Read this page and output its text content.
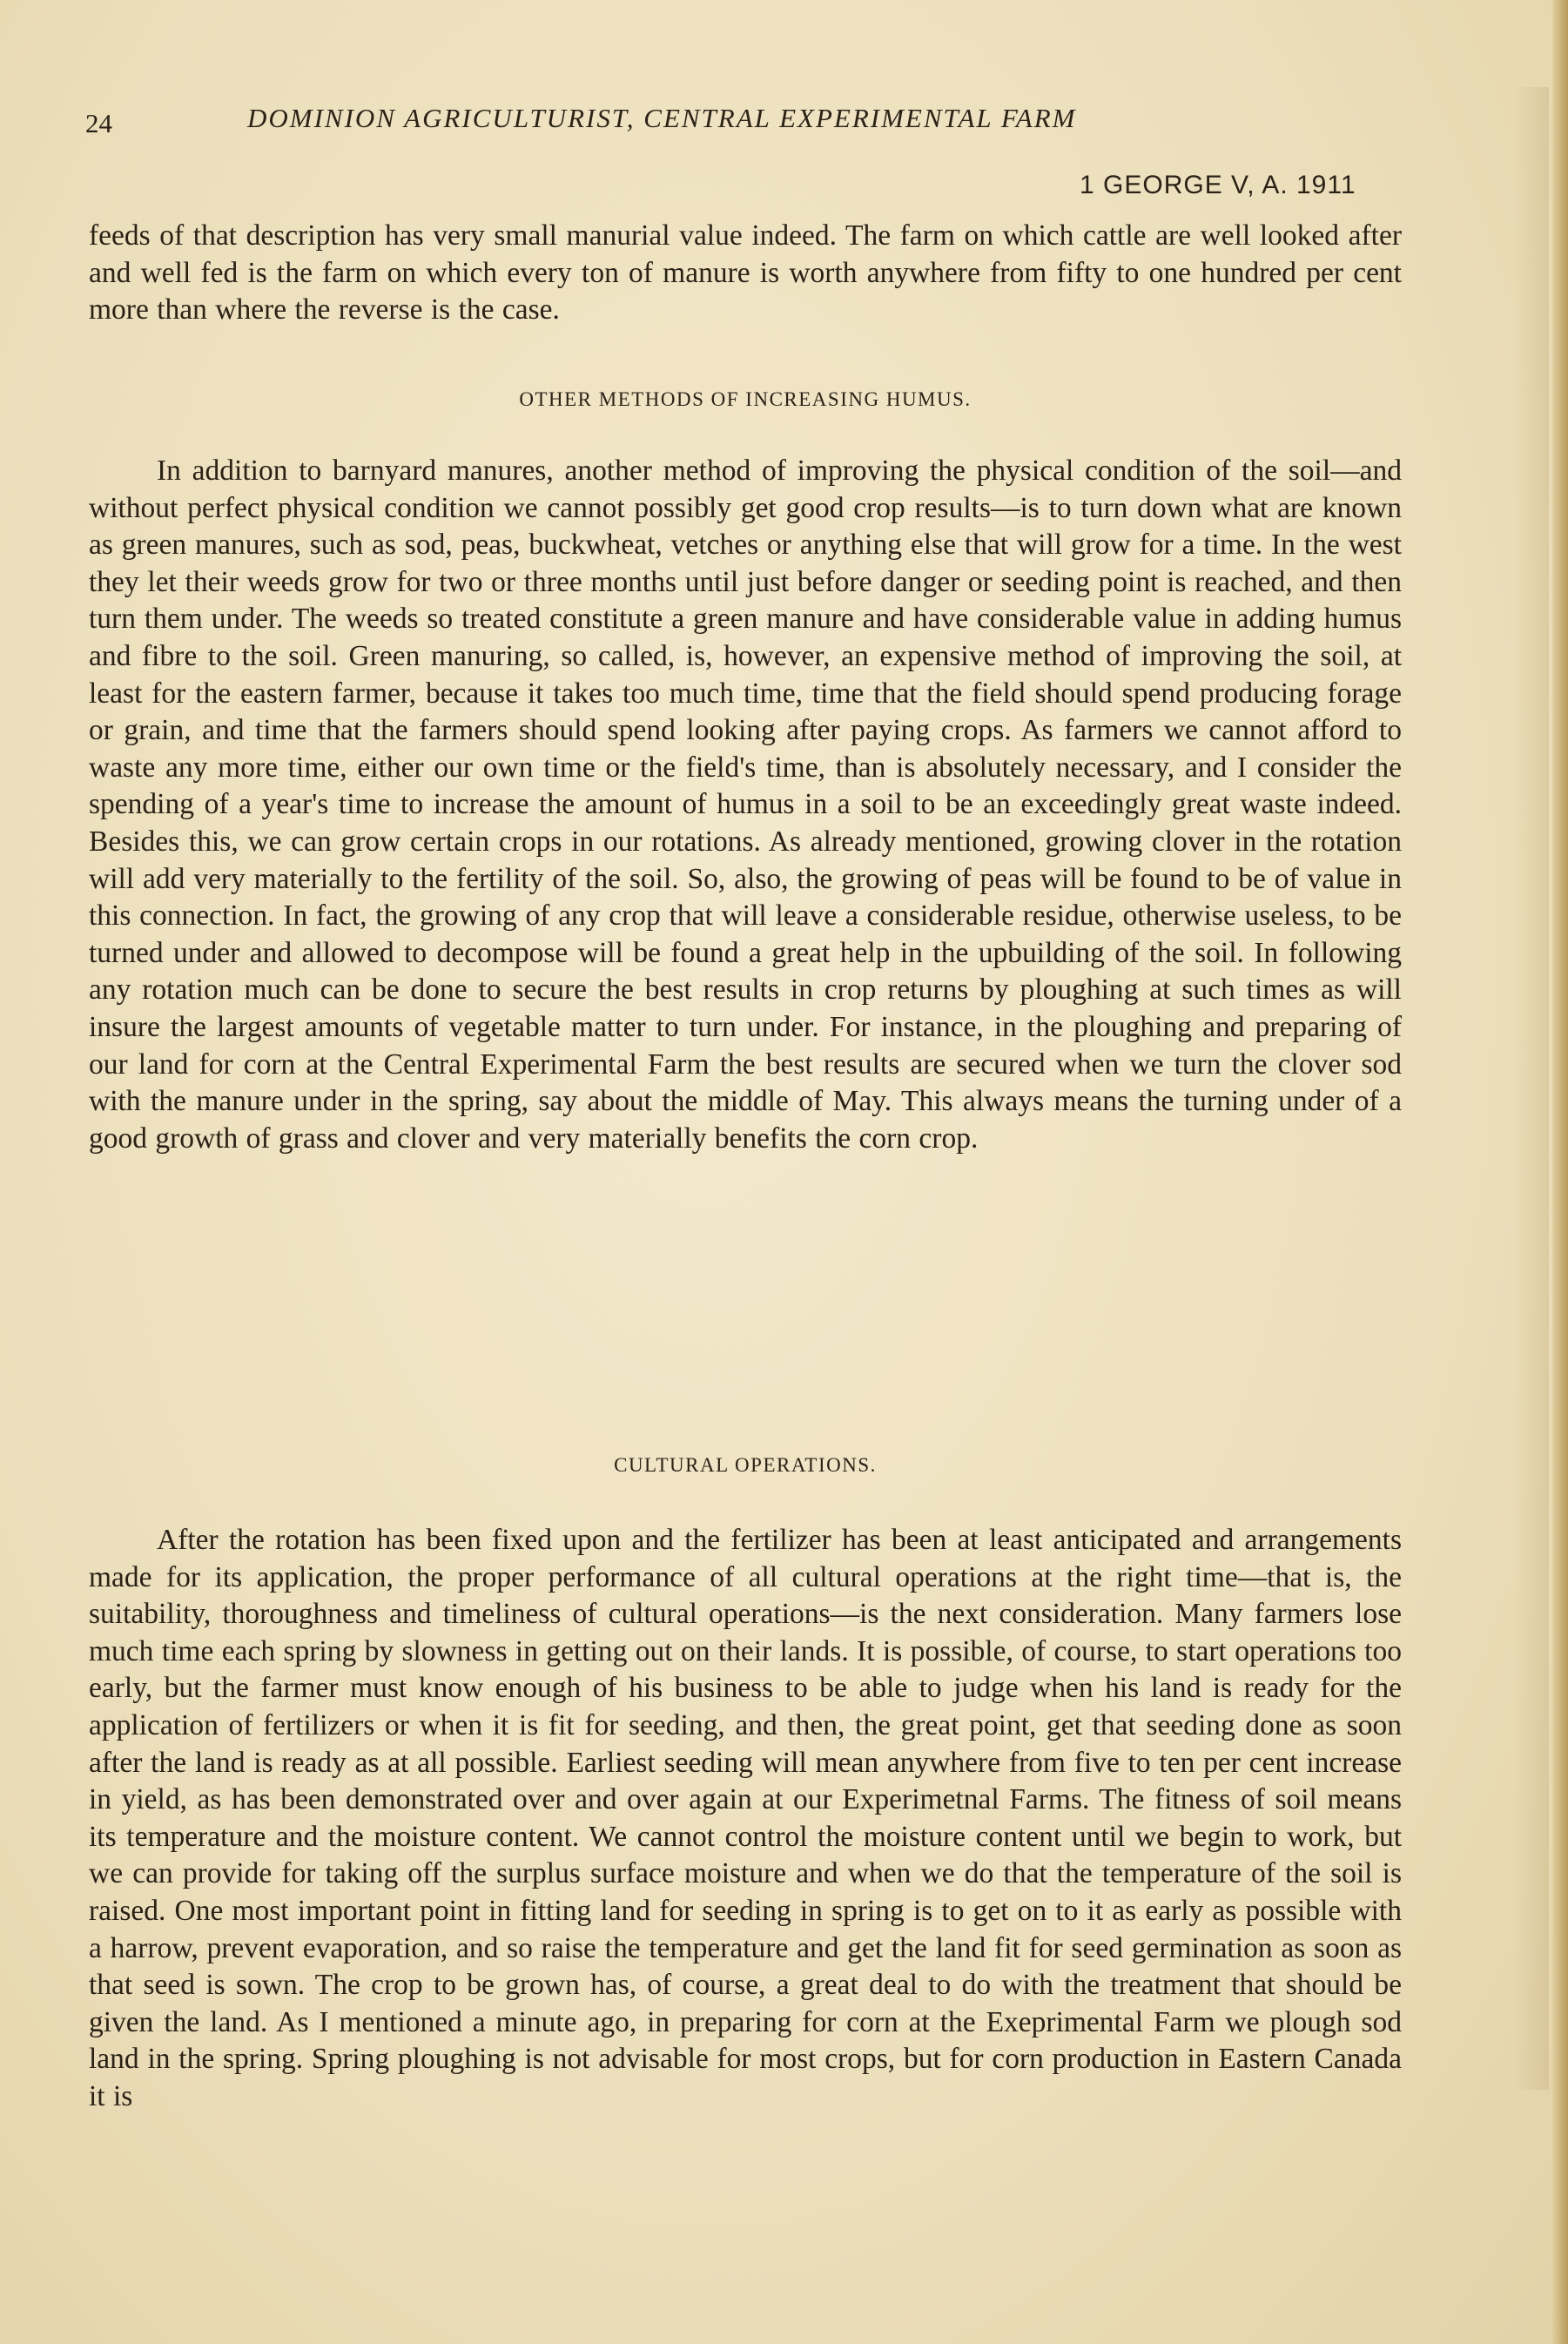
24	DOMINION AGRICULTURIST, CENTRAL EXPERIMENTAL FARM
1 GEORGE V, A. 1911

feeds of that description has very small manurial value indeed. The farm on which cattle are well looked after and well fed is the farm on which every ton of manure is worth anywhere from fifty to one hundred per cent more than where the reverse is the case.

OTHER METHODS OF INCREASING HUMUS.

In addition to barnyard manures, another method of improving the physical condition of the soil—and without perfect physical condition we cannot possibly get good crop results—is to turn down what are known as green manures, such as sod, peas, buckwheat, vetches or anything else that will grow for a time. In the west they let their weeds grow for two or three months until just before danger or seeding point is reached, and then turn them under. The weeds so treated constitute a green manure and have considerable value in adding humus and fibre to the soil. Green manuring, so called, is, however, an expensive method of improving the soil, at least for the eastern farmer, because it takes too much time, time that the field should spend producing forage or grain, and time that the farmers should spend looking after paying crops. As farmers we cannot afford to waste any more time, either our own time or the field's time, than is absolutely necessary, and I consider the spending of a year's time to increase the amount of humus in a soil to be an exceedingly great waste indeed. Besides this, we can grow certain crops in our rotations. As already mentioned, growing clover in the rotation will add very materially to the fertility of the soil. So, also, the growing of peas will be found to be of value in this connection. In fact, the growing of any crop that will leave a considerable residue, otherwise useless, to be turned under and allowed to decompose will be found a great help in the upbuilding of the soil. In following any rotation much can be done to secure the best results in crop returns by ploughing at such times as will insure the largest amounts of vegetable matter to turn under. For instance, in the ploughing and preparing of our land for corn at the Central Experimental Farm the best results are secured when we turn the clover sod with the manure under in the spring, say about the middle of May. This always means the turning under of a good growth of grass and clover and very materially benefits the corn crop.

CULTURAL OPERATIONS.

After the rotation has been fixed upon and the fertilizer has been at least anticipated and arrangements made for its application, the proper performance of all cultural operations at the right time—that is, the suitability, thoroughness and timeliness of cultural operations—is the next consideration. Many farmers lose much time each spring by slowness in getting out on their lands. It is possible, of course, to start operations too early, but the farmer must know enough of his business to be able to judge when his land is ready for the application of fertilizers or when it is fit for seeding, and then, the great point, get that seeding done as soon after the land is ready as at all possible. Earliest seeding will mean anywhere from five to ten per cent increase in yield, as has been demonstrated over and over again at our Experimetnal Farms. The fitness of soil means its temperature and the moisture content. We cannot control the moisture content until we begin to work, but we can provide for taking off the surplus surface moisture and when we do that the temperature of the soil is raised. One most important point in fitting land for seeding in spring is to get on to it as early as possible with a harrow, prevent evaporation, and so raise the temperature and get the land fit for seed germination as soon as that seed is sown. The crop to be grown has, of course, a great deal to do with the treatment that should be given the land. As I mentioned a minute ago, in preparing for corn at the Exeprimental Farm we plough sod land in the spring. Spring ploughing is not advisable for most crops, but for corn production in Eastern Canada it is
